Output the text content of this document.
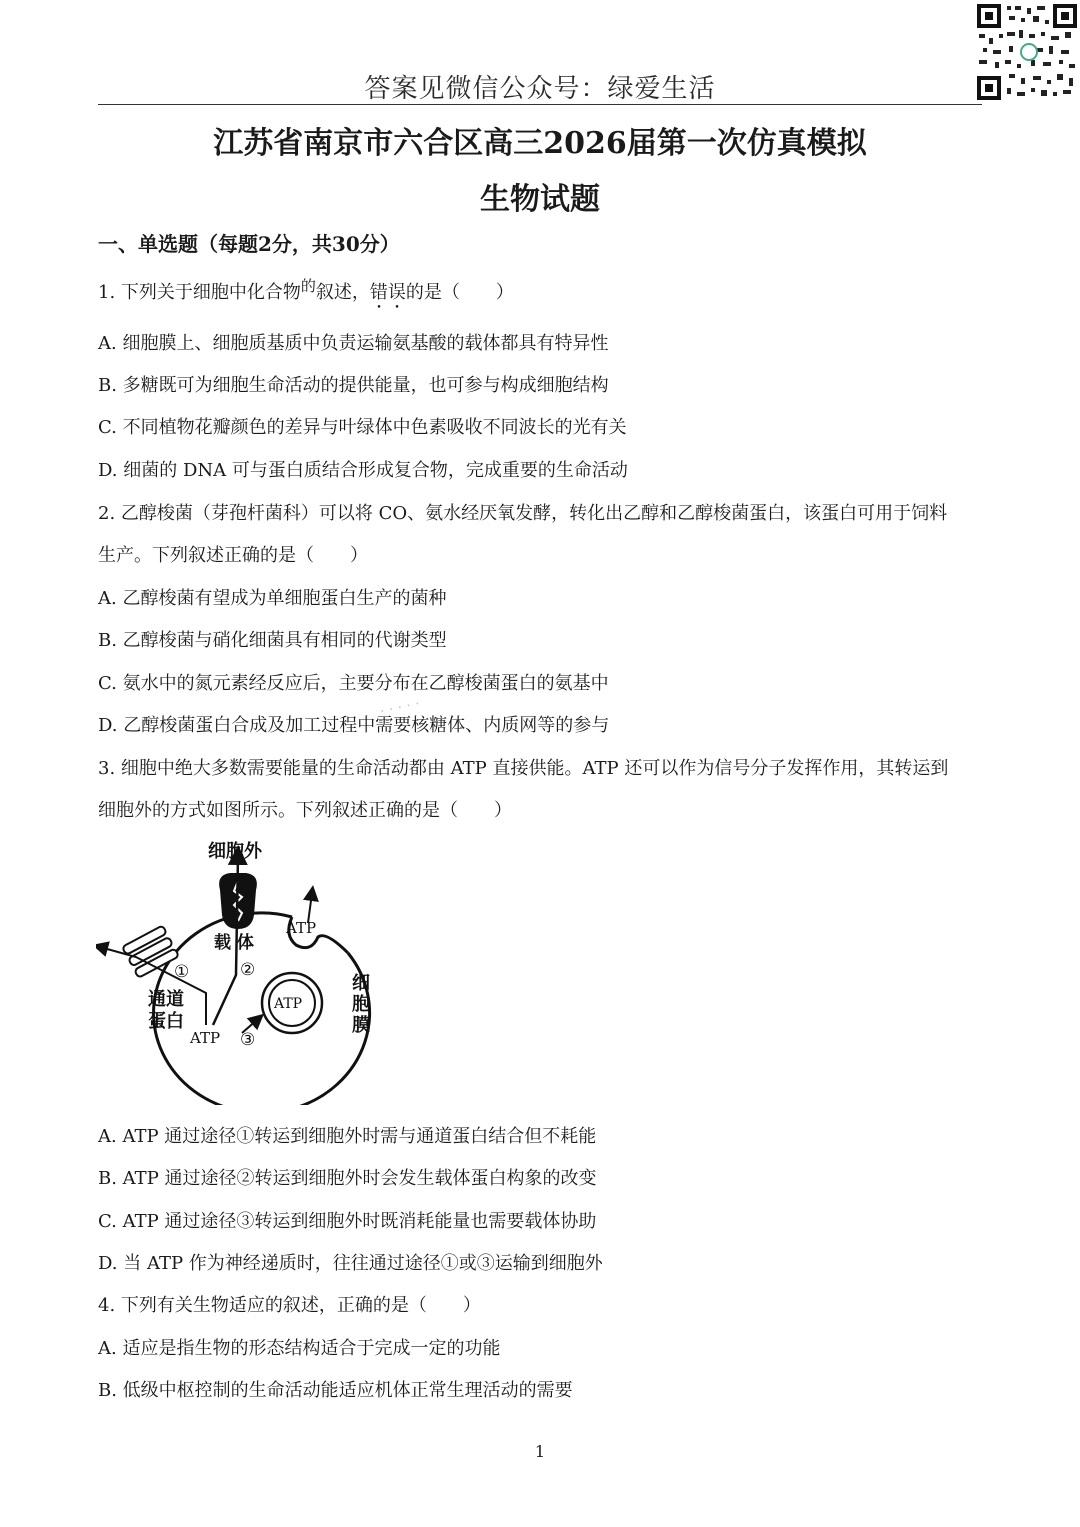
答案见微信公众号：绿爱生活
江苏省南京市六合区高三2026届第一次仿真模拟
生物试题
一、单选题（每题2分，共30分）
1. 下列关于细胞中化合物$^的$叙述，错误的是（　　）
A. 细胞膜上、细胞质基质中负责运输氨基酸的载体都具有特异性
B. 多糖既可为细胞生命活动的提供能量，也可参与构成细胞结构
C. 不同植物花瓣颜色的差异与叶绿体中色素吸收不同波长的光有关
D. 细菌的 DNA 可与蛋白质结合形成复合物，完成重要的生命活动
2. 乙醇梭菌（芽孢杆菌科）可以将 CO、氨水经厌氧发酵，转化出乙醇和乙醇梭菌蛋白，该蛋白可用于饲料
生产。下列叙述正确的是（　　）
A. 乙醇梭菌有望成为单细胞蛋白生产的菌种
B. 乙醇梭菌与硝化细菌具有相同的代谢类型
C. 氨水中的氮元素经反应后，主要分布在乙醇梭菌蛋白的氨基中
D. 乙醇梭菌蛋白合成及加工过程中需要核糖体、内质网等的参与
· · · · ·
3. 细胞中绝大多数需要能量的生命活动都由 ATP 直接供能。ATP 还可以作为信号分子发挥作用，其转运到
细胞外的方式如图所示。下列叙述正确的是（　　）
细胞外
载 体
②
①
通道
蛋白
ATP
ATP
ATP ③
细
胞
膜
A. ATP 通过途径①转运到细胞外时需与通道蛋白结合但不耗能
B. ATP 通过途径②转运到细胞外时会发生载体蛋白构象的改变
C. ATP 通过途径③转运到细胞外时既消耗能量也需要载体协助
D. 当 ATP 作为神经递质时，往往通过途径①或③运输到细胞外
4. 下列有关生物适应的叙述，正确的是（　　）
A. 适应是指生物的形态结构适合于完成一定的功能
B. 低级中枢控制的生命活动能适应机体正常生理活动的需要
1
